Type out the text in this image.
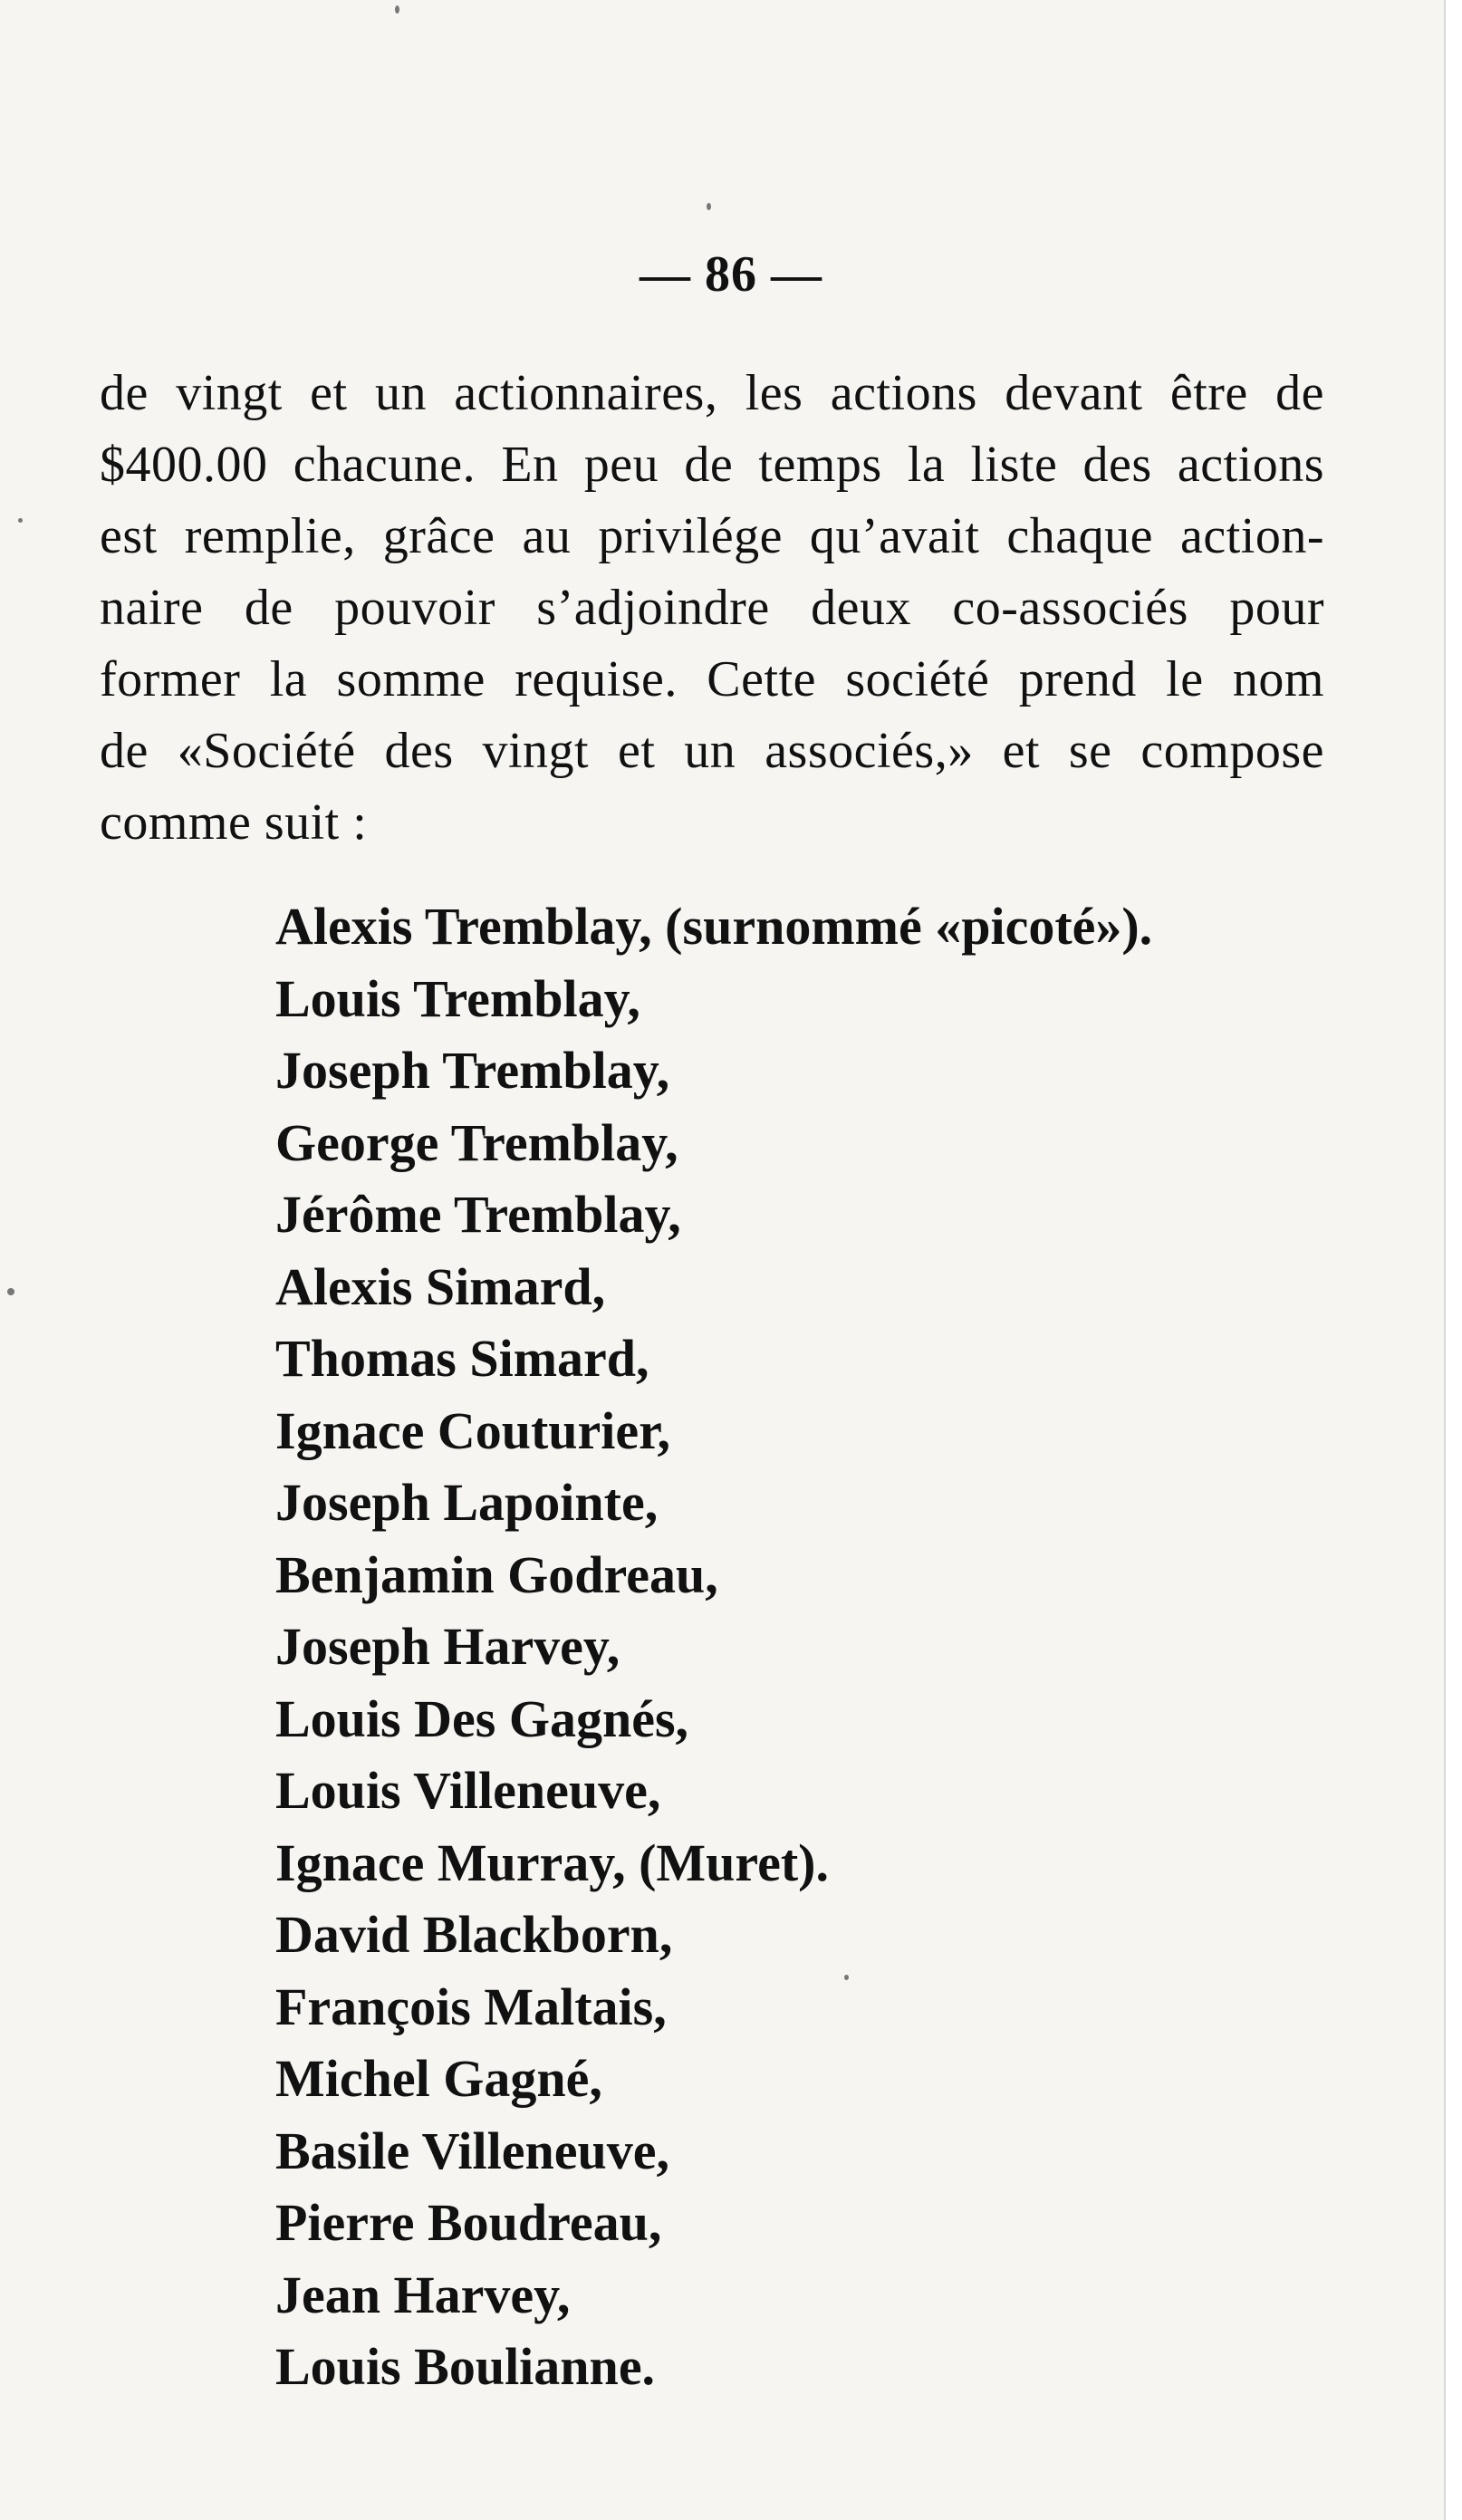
— 86 —
de vingt et un actionnaires, les actions devant être de
$400.00 chacune. En peu de temps la liste des actions
est remplie, grâce au privilége qu’avait chaque action-
naire de pouvoir s’adjoindre deux co-associés pour
former la somme requise. Cette société prend le nom
de «Société des vingt et un associés,» et se compose
comme suit :
Alexis Tremblay, (surnommé «picoté»).
Louis Tremblay,
Joseph Tremblay,
George Tremblay,
Jérôme Tremblay,
Alexis Simard,
Thomas Simard,
Ignace Couturier,
Joseph Lapointe,
Benjamin Godreau,
Joseph Harvey,
Louis Des Gagnés,
Louis Villeneuve,
Ignace Murray, (Muret).
David Blackborn,
François Maltais,
Michel Gagné,
Basile Villeneuve,
Pierre Boudreau,
Jean Harvey,
Louis Boulianne.
